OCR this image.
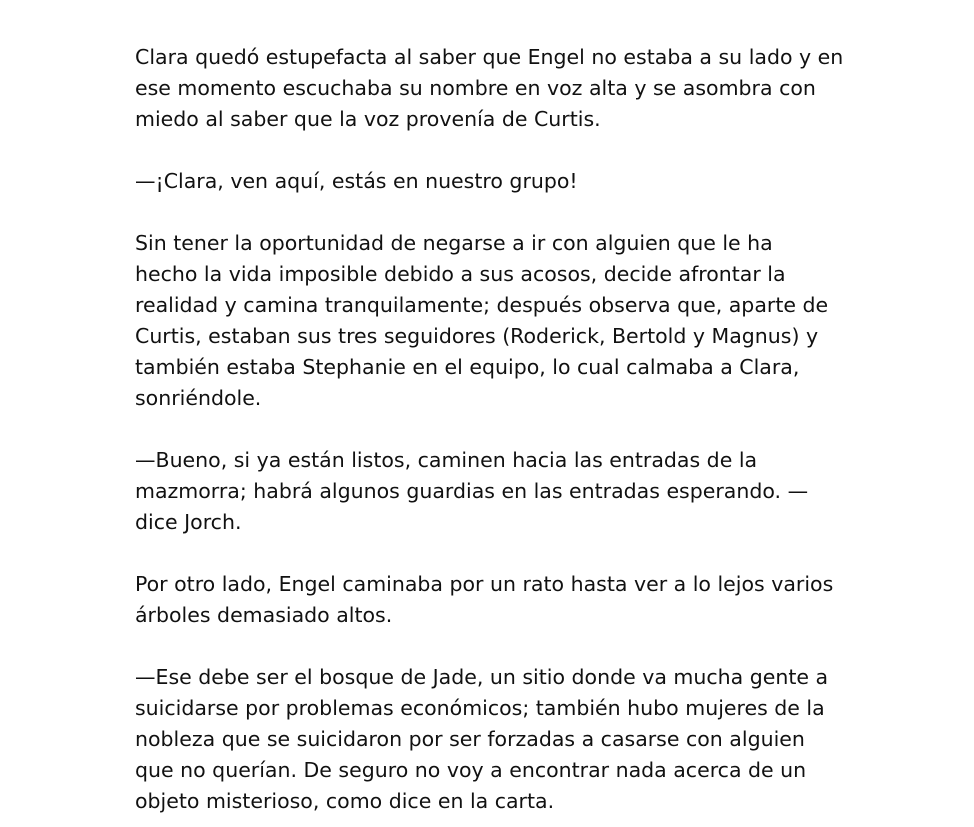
Clara quedó estupefacta al saber que Engel no estaba a su lado y en
ese momento escuchaba su nombre en voz alta y se asombra con
miedo al saber que la voz provenía de Curtis.
—¡Clara, ven aquí, estás en nuestro grupo!
Sin tener la oportunidad de negarse a ir con alguien que le ha
hecho la vida imposible debido a sus acosos, decide afrontar la
realidad y camina tranquilamente; después observa que, aparte de
Curtis, estaban sus tres seguidores (Roderick, Bertold y Magnus) y
también estaba Stephanie en el equipo, lo cual calmaba a Clara,
sonriéndole.
—Bueno, si ya están listos, caminen hacia las entradas de la
mazmorra; habrá algunos guardias en las entradas esperando. —
dice Jorch.
Por otro lado, Engel caminaba por un rato hasta ver a lo lejos varios
árboles demasiado altos.
—Ese debe ser el bosque de Jade, un sitio donde va mucha gente a
suicidarse por problemas económicos; también hubo mujeres de la
nobleza que se suicidaron por ser forzadas a casarse con alguien
que no querían. De seguro no voy a encontrar nada acerca de un
objeto misterioso, como dice en la carta.
